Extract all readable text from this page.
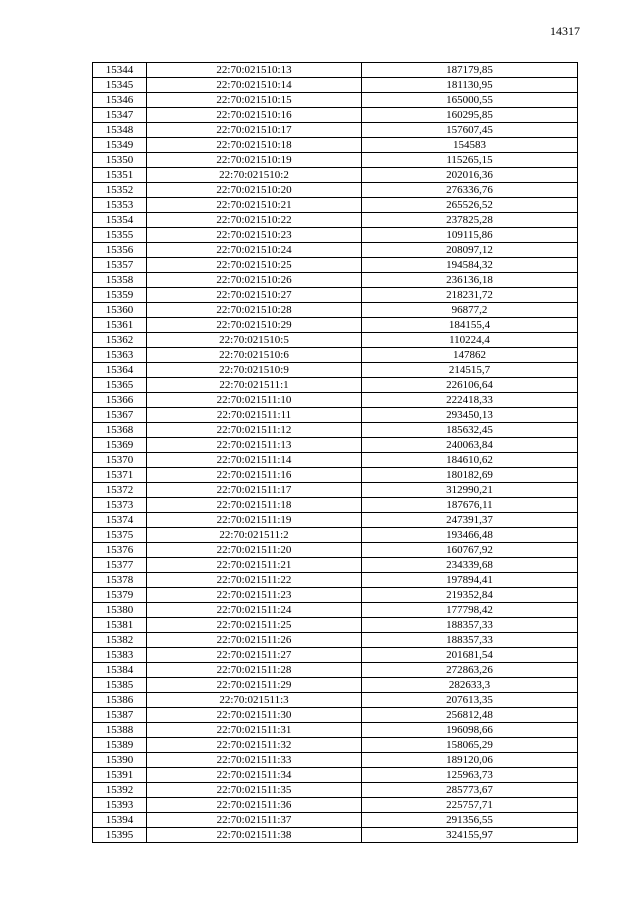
14317
15344	22:70:021510:13	187179,85
15345	22:70:021510:14	181130,95
15346	22:70:021510:15	165000,55
15347	22:70:021510:16	160295,85
15348	22:70:021510:17	157607,45
15349	22:70:021510:18	154583
15350	22:70:021510:19	115265,15
15351	22:70:021510:2	202016,36
15352	22:70:021510:20	276336,76
15353	22:70:021510:21	265526,52
15354	22:70:021510:22	237825,28
15355	22:70:021510:23	109115,86
15356	22:70:021510:24	208097,12
15357	22:70:021510:25	194584,32
15358	22:70:021510:26	236136,18
15359	22:70:021510:27	218231,72
15360	22:70:021510:28	96877,2
15361	22:70:021510:29	184155,4
15362	22:70:021510:5	110224,4
15363	22:70:021510:6	147862
15364	22:70:021510:9	214515,7
15365	22:70:021511:1	226106,64
15366	22:70:021511:10	222418,33
15367	22:70:021511:11	293450,13
15368	22:70:021511:12	185632,45
15369	22:70:021511:13	240063,84
15370	22:70:021511:14	184610,62
15371	22:70:021511:16	180182,69
15372	22:70:021511:17	312990,21
15373	22:70:021511:18	187676,11
15374	22:70:021511:19	247391,37
15375	22:70:021511:2	193466,48
15376	22:70:021511:20	160767,92
15377	22:70:021511:21	234339,68
15378	22:70:021511:22	197894,41
15379	22:70:021511:23	219352,84
15380	22:70:021511:24	177798,42
15381	22:70:021511:25	188357,33
15382	22:70:021511:26	188357,33
15383	22:70:021511:27	201681,54
15384	22:70:021511:28	272863,26
15385	22:70:021511:29	282633,3
15386	22:70:021511:3	207613,35
15387	22:70:021511:30	256812,48
15388	22:70:021511:31	196098,66
15389	22:70:021511:32	158065,29
15390	22:70:021511:33	189120,06
15391	22:70:021511:34	125963,73
15392	22:70:021511:35	285773,67
15393	22:70:021511:36	225757,71
15394	22:70:021511:37	291356,55
15395	22:70:021511:38	324155,97
